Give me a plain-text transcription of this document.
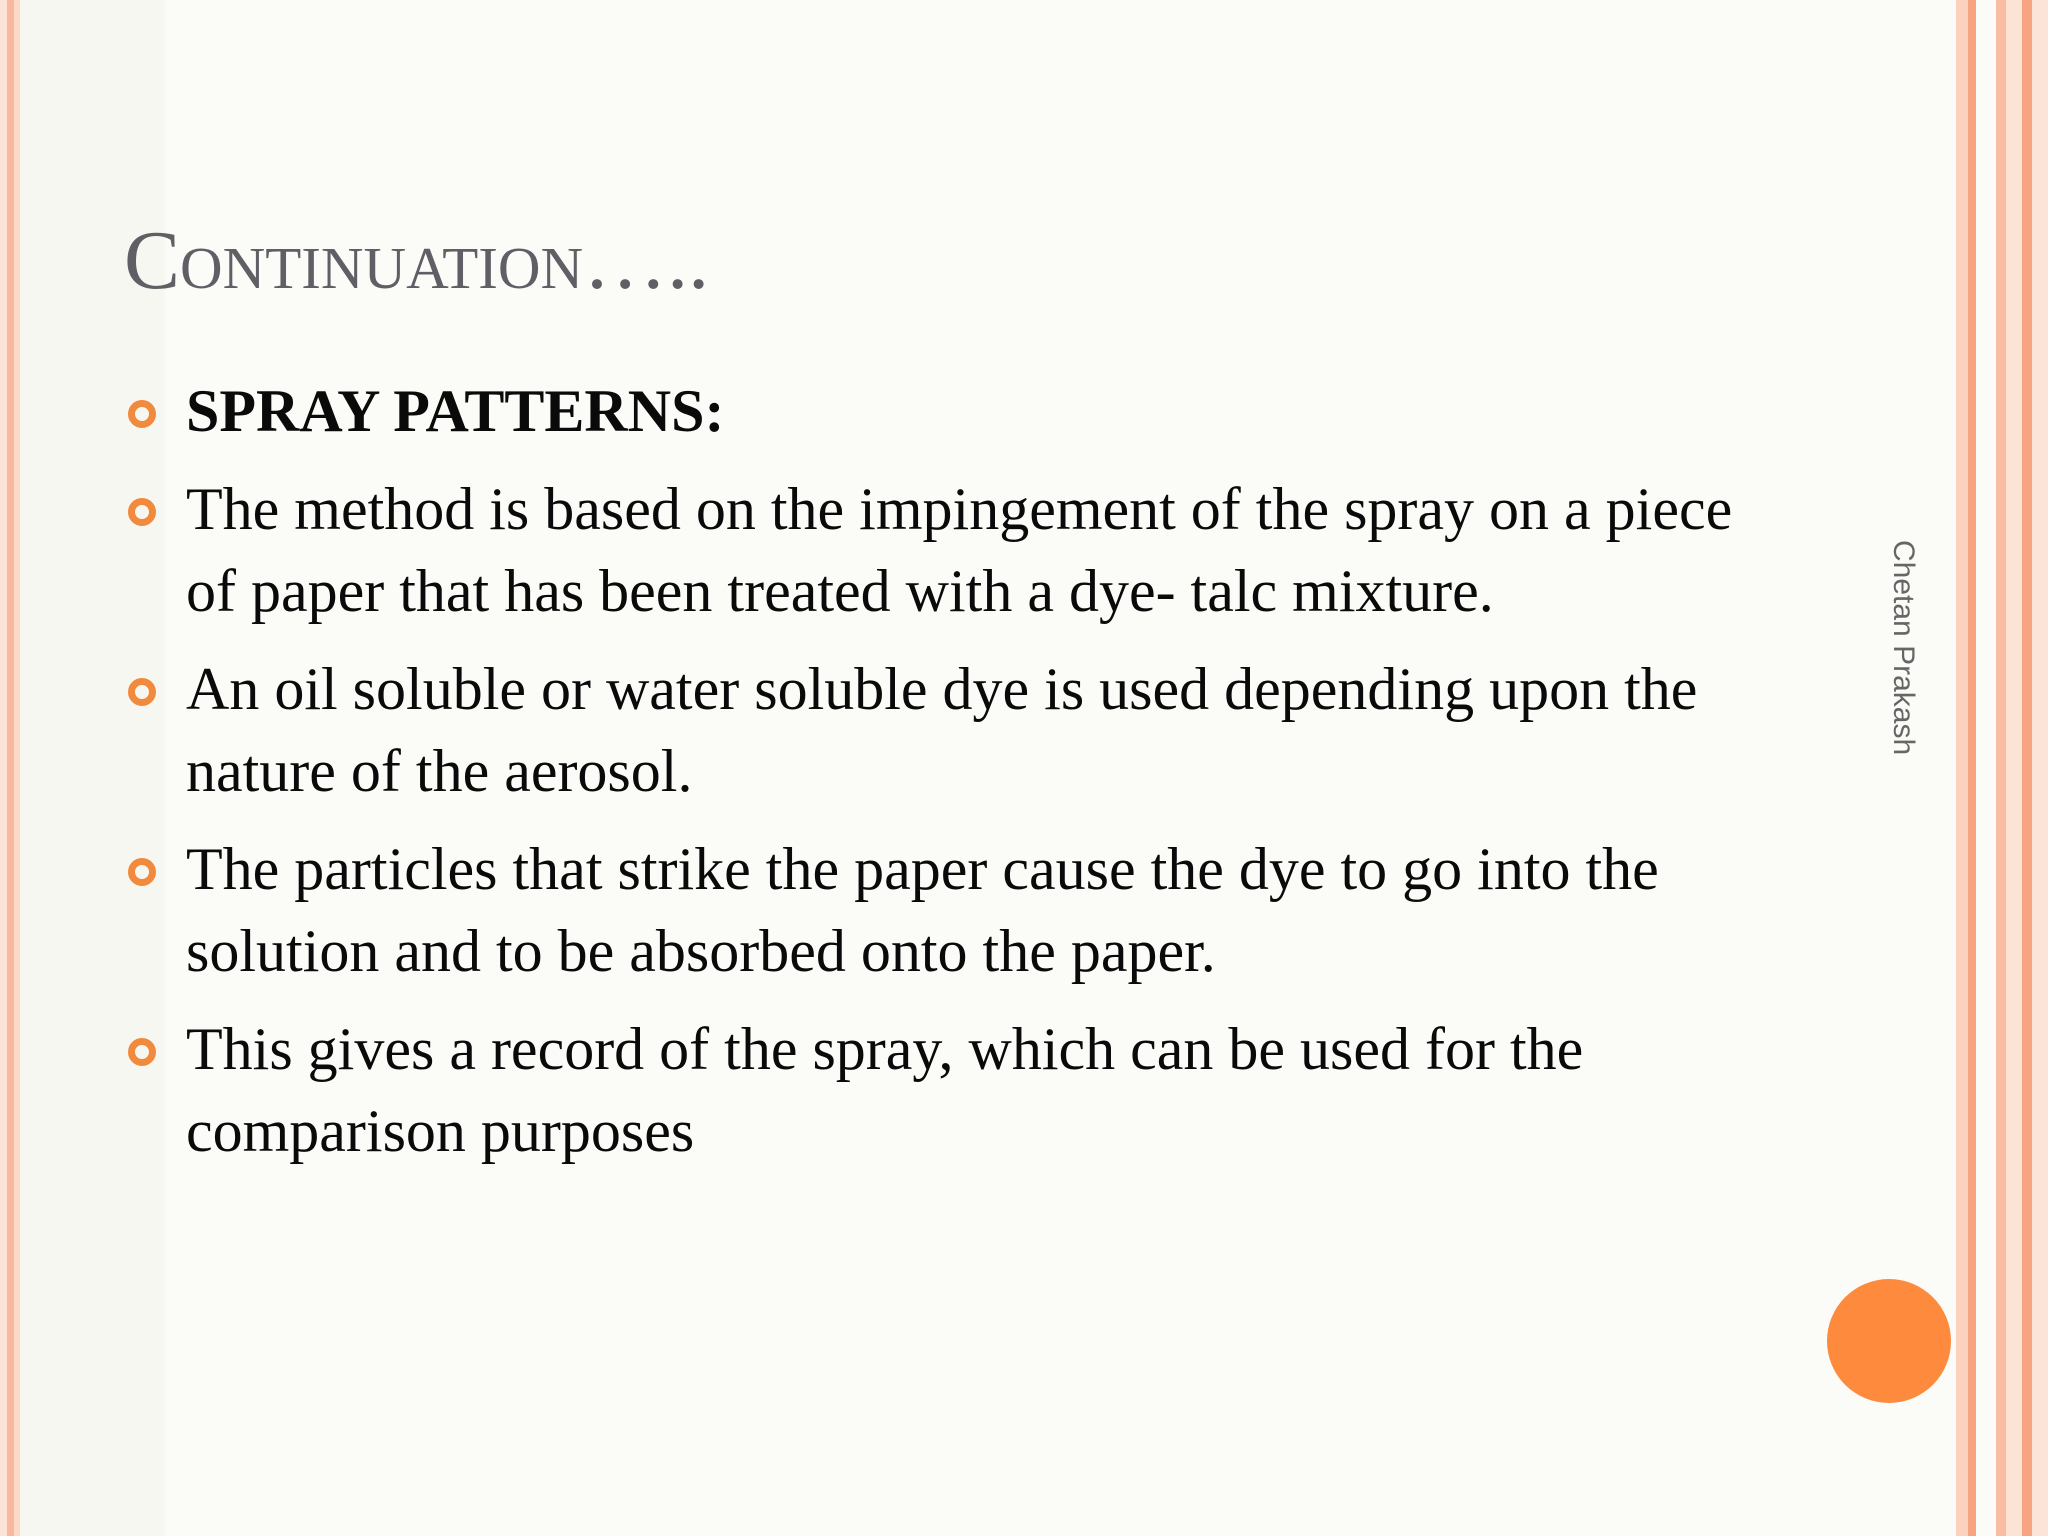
Continuation…..
SPRAY PATTERNS:
The method is based on the impingement of the spray on a piece of paper that has been treated with a dye- talc mixture.
An oil soluble or water soluble dye is used depending upon the nature of the aerosol.
The particles that strike the paper cause the dye to go into the solution and to be absorbed onto the paper.
This gives a record of the spray, which can be used for the comparison purposes
Chetan Prakash
